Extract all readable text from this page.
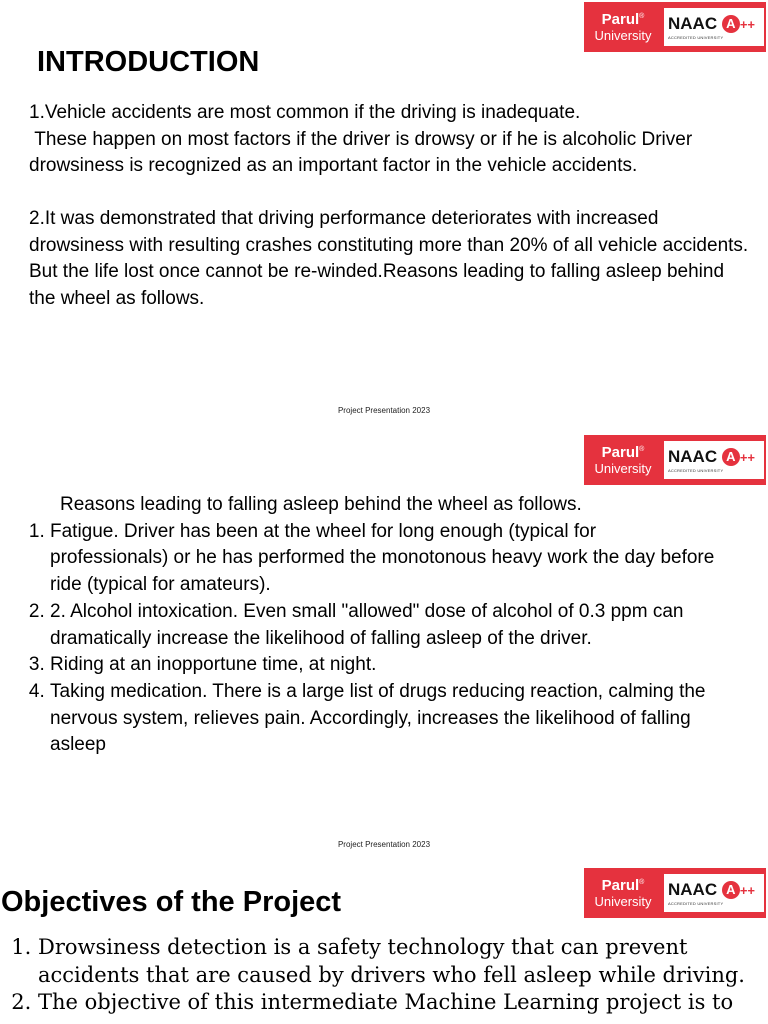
Parul®
University
NAAC A ++
ACCREDITED UNIVERSITY
INTRODUCTION

1.Vehicle accidents are most common if the driving is inadequate.

These happen on most factors if the driver is drowsy or if he is alcoholic Driver drowsiness is recognized as an important factor in the vehicle accidents.

2.It was demonstrated that driving performance deteriorates with increased drowsiness with resulting crashes constituting more than 20% of all vehicle accidents. But the life lost once cannot be re-winded.Reasons leading to falling asleep behind the wheel as follows.

Project Presentation 2023
Parul®
University
NAAC A ++
ACCREDITED UNIVERSITY
Reasons leading to falling asleep behind the wheel as follows.
1. Fatigue. Driver has been at the wheel for long enough (typical for professionals) or he has performed the monotonous heavy work the day before ride (typical for amateurs).
2. 2. Alcohol intoxication. Even small "allowed" dose of alcohol of 0.3 ppm can dramatically increase the likelihood of falling asleep of the driver.
3. Riding at an inopportune time, at night.
4. Taking medication. There is a large list of drugs reducing reaction, calming the nervous system, relieves pain. Accordingly, increases the likelihood of falling asleep
Project Presentation 2023
Parul®
University
NAAC A ++
ACCREDITED UNIVERSITY
Objectives of the Project
1. Drowsiness detection is a safety technology that can prevent accidents that are caused by drivers who fell asleep while driving.
2. The objective of this intermediate Machine Learning project is to
